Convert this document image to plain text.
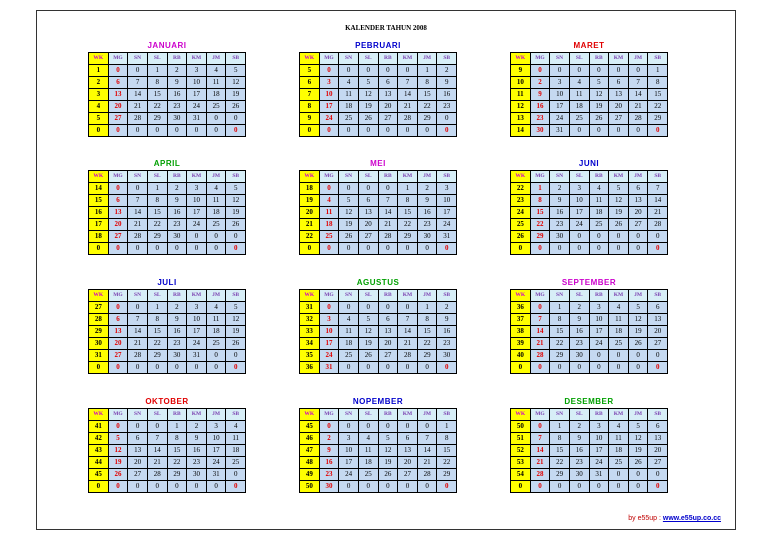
KALENDER TAHUN 2008
JANUARI
WK	MG	SN	SL	RB	KM	JM	SB
1	0	0	1	2	3	4	5
2	6	7	8	9	10	11	12
3	13	14	15	16	17	18	19
4	20	21	22	23	24	25	26
5	27	28	29	30	31	0	0
0	0	0	0	0	0	0	0
PEBRUARI
WK	MG	SN	SL	RB	KM	JM	SB
5	0	0	0	0	0	1	2
6	3	4	5	6	7	8	9
7	10	11	12	13	14	15	16
8	17	18	19	20	21	22	23
9	24	25	26	27	28	29	0
0	0	0	0	0	0	0	0
MARET
WK	MG	SN	SL	RB	KM	JM	SB
9	0	0	0	0	0	0	1
10	2	3	4	5	6	7	8
11	9	10	11	12	13	14	15
12	16	17	18	19	20	21	22
13	23	24	25	26	27	28	29
14	30	31	0	0	0	0	0
APRIL
WK	MG	SN	SL	RB	KM	JM	SB
14	0	0	1	2	3	4	5
15	6	7	8	9	10	11	12
16	13	14	15	16	17	18	19
17	20	21	22	23	24	25	26
18	27	28	29	30	0	0	0
0	0	0	0	0	0	0	0
MEI
WK	MG	SN	SL	RB	KM	JM	SB
18	0	0	0	0	1	2	3
19	4	5	6	7	8	9	10
20	11	12	13	14	15	16	17
21	18	19	20	21	22	23	24
22	25	26	27	28	29	30	31
0	0	0	0	0	0	0	0
JUNI
WK	MG	SN	SL	RB	KM	JM	SB
22	1	2	3	4	5	6	7
23	8	9	10	11	12	13	14
24	15	16	17	18	19	20	21
25	22	23	24	25	26	27	28
26	29	30	0	0	0	0	0
0	0	0	0	0	0	0	0
JULI
WK	MG	SN	SL	RB	KM	JM	SB
27	0	0	1	2	3	4	5
28	6	7	8	9	10	11	12
29	13	14	15	16	17	18	19
30	20	21	22	23	24	25	26
31	27	28	29	30	31	0	0
0	0	0	0	0	0	0	0
AGUSTUS
WK	MG	SN	SL	RB	KM	JM	SB
31	0	0	0	0	0	1	2
32	3	4	5	6	7	8	9
33	10	11	12	13	14	15	16
34	17	18	19	20	21	22	23
35	24	25	26	27	28	29	30
36	31	0	0	0	0	0	0
SEPTEMBER
WK	MG	SN	SL	RB	KM	JM	SB
36	0	1	2	3	4	5	6
37	7	8	9	10	11	12	13
38	14	15	16	17	18	19	20
39	21	22	23	24	25	26	27
40	28	29	30	0	0	0	0
0	0	0	0	0	0	0	0
OKTOBER
WK	MG	SN	SL	RB	KM	JM	SB
41	0	0	0	1	2	3	4
42	5	6	7	8	9	10	11
43	12	13	14	15	16	17	18
44	19	20	21	22	23	24	25
45	26	27	28	29	30	31	0
0	0	0	0	0	0	0	0
NOPEMBER
WK	MG	SN	SL	RB	KM	JM	SB
45	0	0	0	0	0	0	1
46	2	3	4	5	6	7	8
47	9	10	11	12	13	14	15
48	16	17	18	19	20	21	22
49	23	24	25	26	27	28	29
50	30	0	0	0	0	0	0
DESEMBER
WK	MG	SN	SL	RB	KM	JM	SB
50	0	1	2	3	4	5	6
51	7	8	9	10	11	12	13
52	14	15	16	17	18	19	20
53	21	22	23	24	25	26	27
54	28	29	30	31	0	0	0
0	0	0	0	0	0	0	0
by e55up : www.e55up.co.cc
